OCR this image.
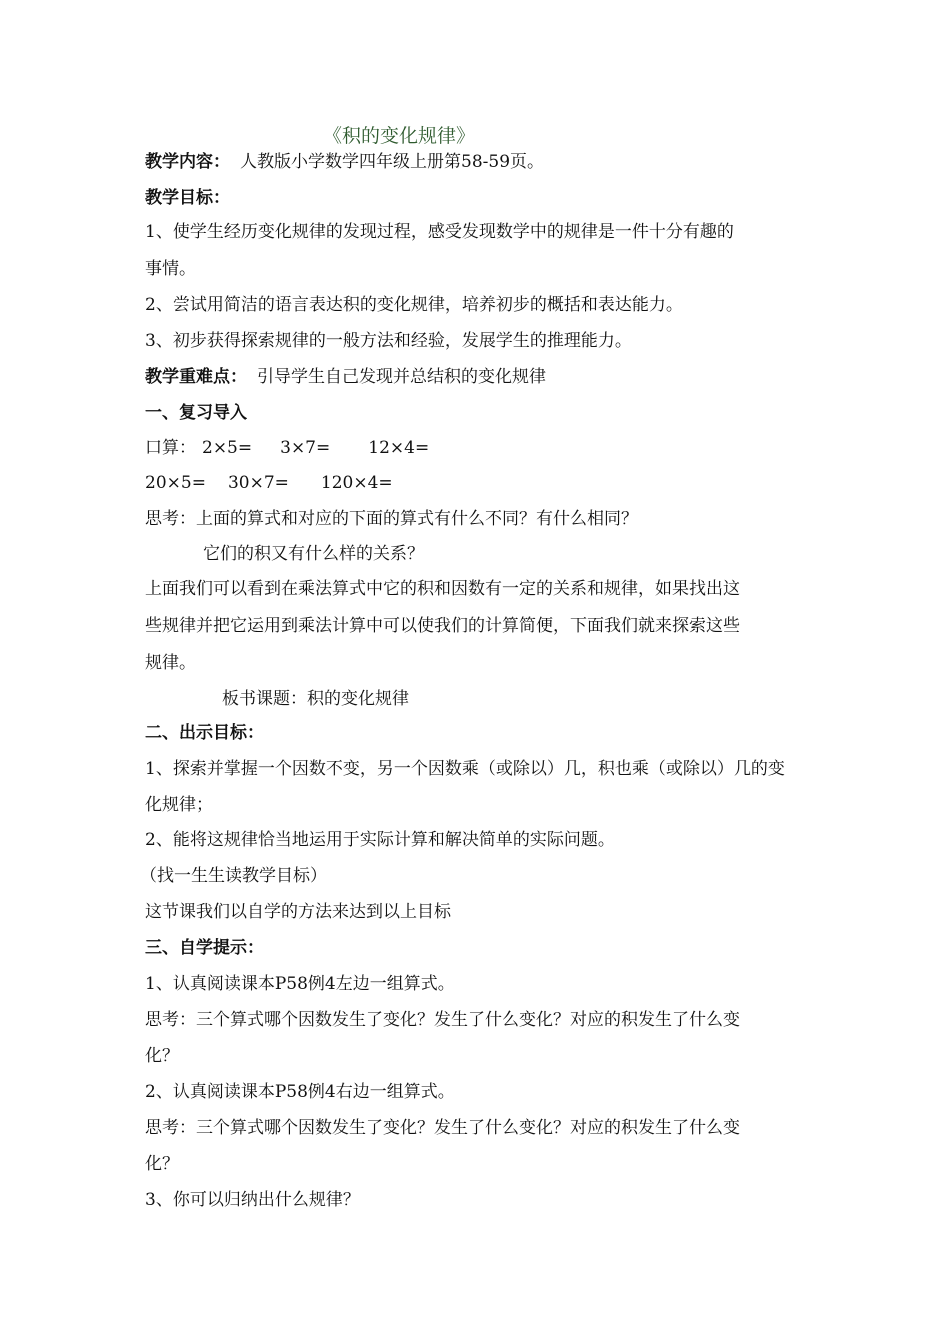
《积的变化规律》
教学内容： 人教版小学数学四年级上册第58-59页。
教学目标：
1、使学生经历变化规律的发现过程，感受发现数学中的规律是一件十分有趣的
事情。
2、尝试用简洁的语言表达积的变化规律，培养初步的概括和表达能力。
3、初步获得探索规律的一般方法和经验，发展学生的推理能力。
教学重难点： 引导学生自己发现并总结积的变化规律
一、复习导入
口算： 2×5= 3×7= 12×4=
20×5= 30×7= 120×4=
思考：上面的算式和对应的下面的算式有什么不同？有什么相同？
它们的积又有什么样的关系？
上面我们可以看到在乘法算式中它的积和因数有一定的关系和规律，如果找出这
些规律并把它运用到乘法计算中可以使我们的计算简便，下面我们就来探索这些
规律。
板书课题：积的变化规律
二、出示目标：
1、探索并掌握一个因数不变，另一个因数乘（或除以）几，积也乘（或除以）几的变
化规律；
2、能将这规律恰当地运用于实际计算和解决简单的实际问题。
（找一生生读教学目标）
这节课我们以自学的方法来达到以上目标
三、自学提示：
1、认真阅读课本P58例4左边一组算式。
思考：三个算式哪个因数发生了变化？发生了什么变化？对应的积发生了什么变
化？
2、认真阅读课本P58例4右边一组算式。
思考：三个算式哪个因数发生了变化？发生了什么变化？对应的积发生了什么变
化？
3、你可以归纳出什么规律？
